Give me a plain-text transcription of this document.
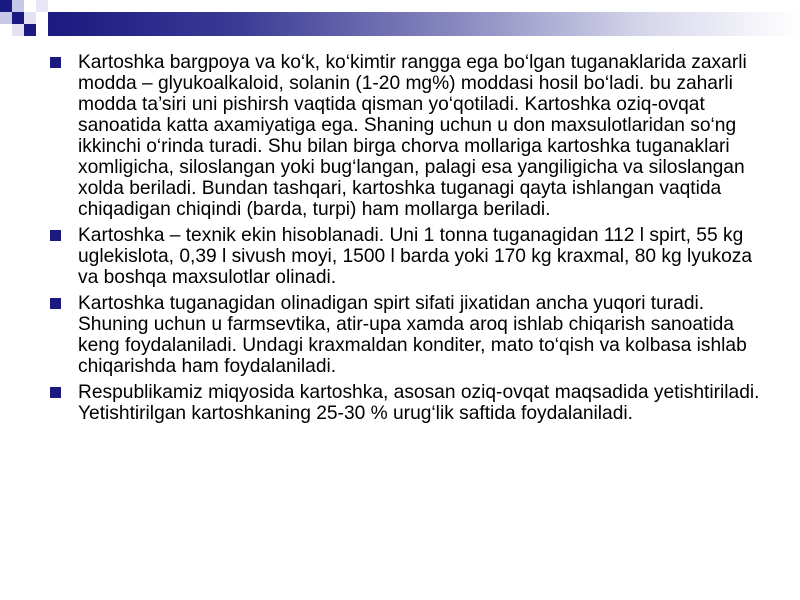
Kartoshka bargpoya va ko‘k, ko‘kimtir rangga ega bo‘lgan tuganaklarida zaxarli modda – glyukoalkaloid, solanin (1-20 mg%) moddasi hosil bo‘ladi. bu zaharli modda ta’siri uni pishirsh vaqtida qisman yo‘qotiladi. Kartoshka oziq-ovqat sanoatida katta axamiyatiga ega. Shaning uchun u don maxsulotlaridan so‘ng ikkinchi o‘rinda turadi. Shu bilan birga chorva mollariga kartoshka tuganaklari xomligicha, siloslangan yoki bug‘langan, palagi esa yangiligicha va siloslangan xolda beriladi. Bundan tashqari, kartoshka tuganagi qayta ishlangan vaqtida chiqadigan chiqindi (barda, turpi) ham mollarga beriladi.
Kartoshka – texnik ekin hisoblanadi. Uni 1 tonna tuganagidan 112 l spirt, 55 kg uglekislota, 0,39 l sivush moyi, 1500 l barda yoki 170 kg kraxmal, 80 kg lyukoza va boshqa maxsulotlar olinadi.
Kartoshka tuganagidan olinadigan spirt sifati jixatidan ancha yuqori turadi. Shuning uchun u farmsevtika, atir-upa xamda aroq ishlab chiqarish sanoatida keng foydalaniladi. Undagi kraxmaldan konditer, mato to‘qish va kolbasa ishlab chiqarishda ham foydalaniladi.
Respublikamiz miqyosida kartoshka, asosan oziq-ovqat maqsadida yetishtiriladi. Yetishtirilgan kartoshkaning 25-30 % urug‘lik saftida foydalaniladi.
